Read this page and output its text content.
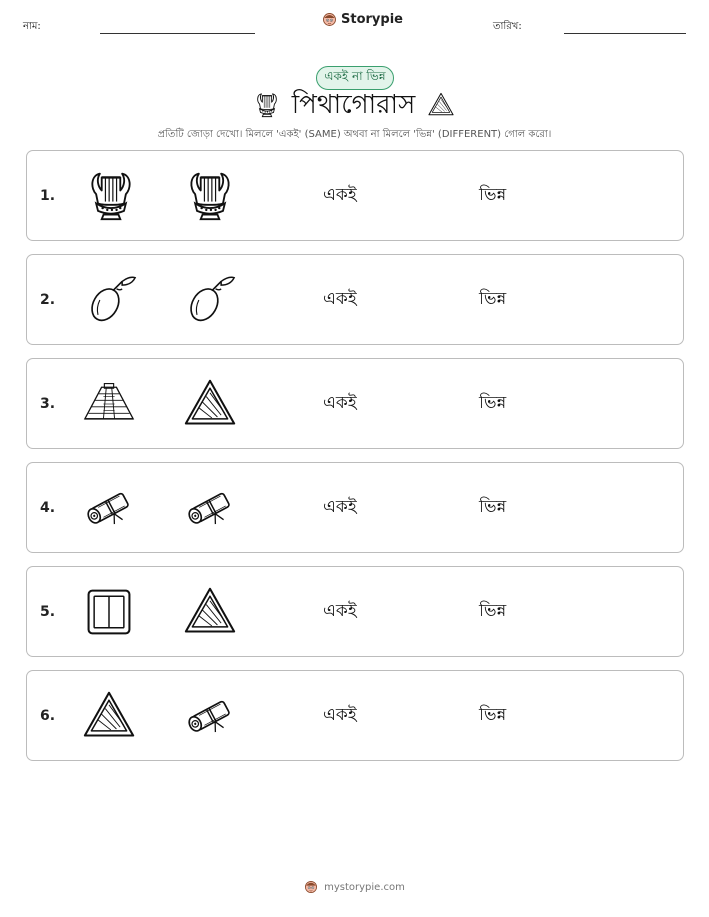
নাম:	Storypie	তারিখ:
একই না ভিন্ন
পিথাগোরাস
প্রতিটি জোড়া দেখো। মিললে 'একই' (SAME) অথবা না মিললে 'ভিন্ন' (DIFFERENT) গোল করো।
1.	একই	ভিন্ন
2.	একই	ভিন্ন
3.	একই	ভিন্ন
4.	একই	ভিন্ন
5.	একই	ভিন্ন
6.	একই	ভিন্ন
mystorypie.com
